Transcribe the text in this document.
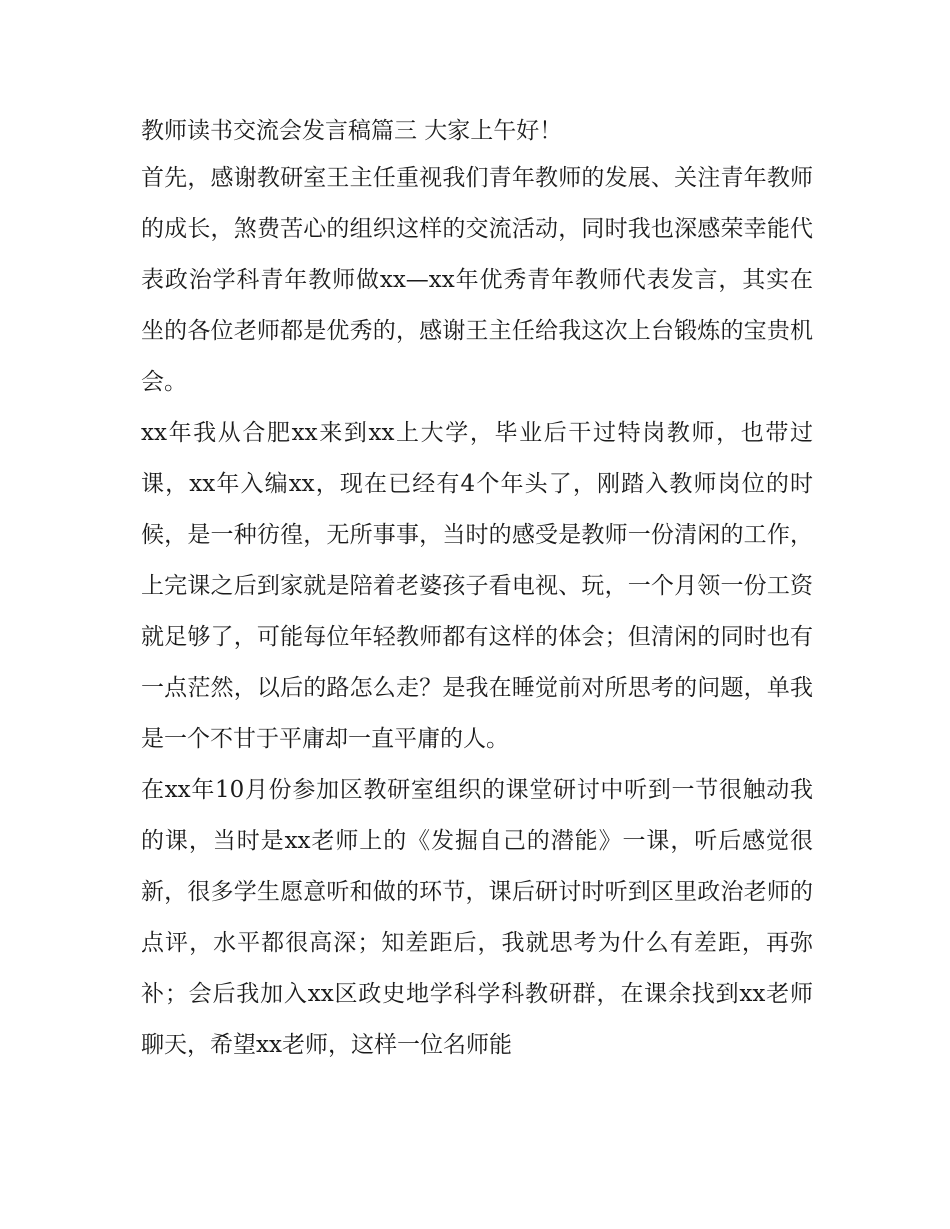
教师读书交流会发言稿篇三 大家上午好！

首先，感谢教研室王主任重视我们青年教师的发展、关注青年教师的成长，煞费苦心的组织这样的交流活动，同时我也深感荣幸能代表政治学科青年教师做xx—xx年优秀青年教师代表发言，其实在坐的各位老师都是优秀的，感谢王主任给我这次上台锻炼的宝贵机会。

xx年我从合肥xx来到xx上大学，毕业后干过特岗教师，也带过课，xx年入编xx，现在已经有4个年头了，刚踏入教师岗位的时候，是一种彷徨，无所事事，当时的感受是教师一份清闲的工作，上完课之后到家就是陪着老婆孩子看电视、玩，一个月领一份工资就足够了，可能每位年轻教师都有这样的体会；但清闲的同时也有一点茫然，以后的路怎么走？是我在睡觉前对所思考的问题，单我是一个不甘于平庸却一直平庸的人。

在xx年10月份参加区教研室组织的课堂研讨中听到一节很触动我的课，当时是xx老师上的《发掘自己的潜能》一课，听后感觉很新，很多学生愿意听和做的环节，课后研讨时听到区里政治老师的点评，水平都很高深；知差距后，我就思考为什么有差距，再弥补；会后我加入xx区政史地学科学科教研群，在课余找到xx老师聊天，希望xx老师，这样一位名师能
